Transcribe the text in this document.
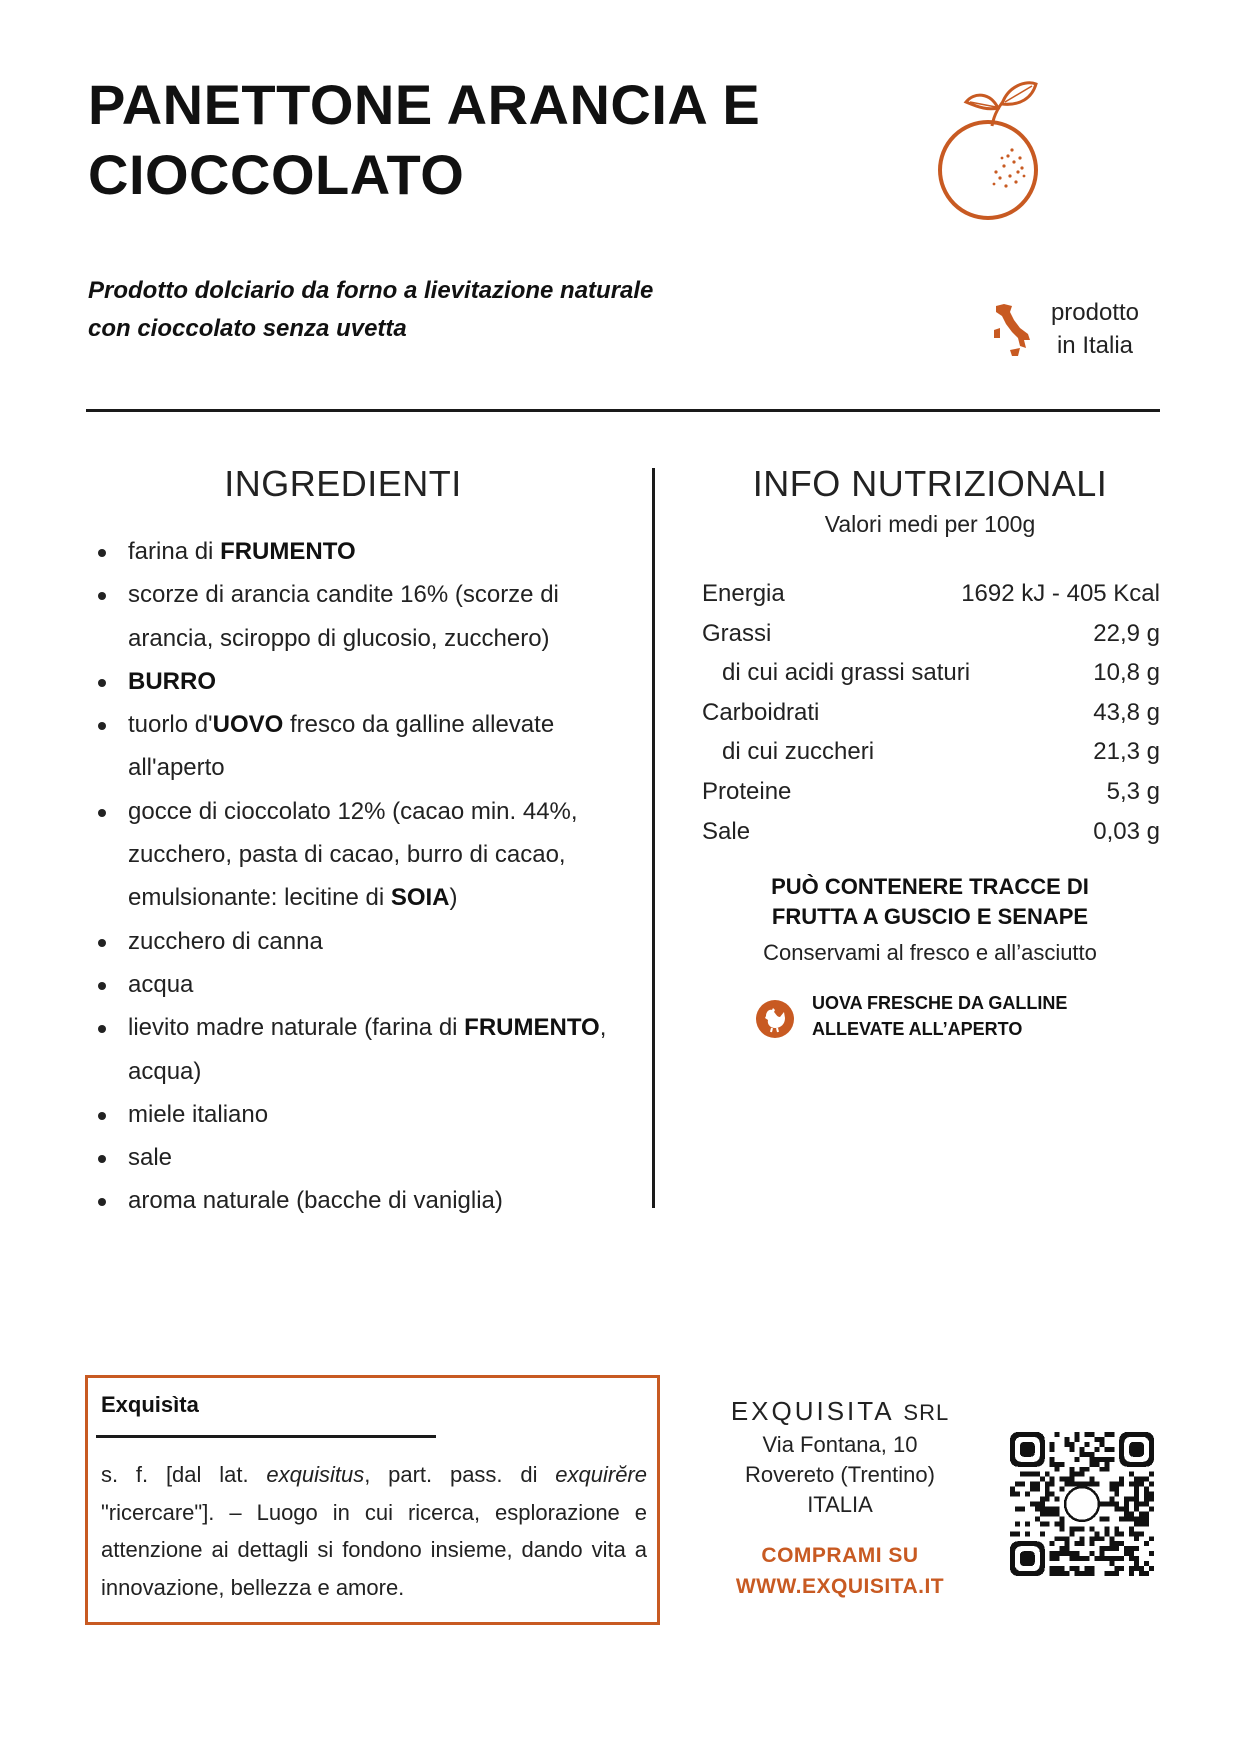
PANETTONE ARANCIA E CIOCCOLATO
Prodotto dolciario da forno a lievitazione naturale
con cioccolato senza uvetta
prodotto
in Italia
INGREDIENTI
farina di FRUMENTO
scorze di arancia candite 16% (scorze di arancia, sciroppo di glucosio, zucchero)
BURRO
tuorlo d'UOVO fresco da galline allevate all'aperto
gocce di cioccolato 12% (cacao min. 44%, zucchero, pasta di cacao, burro di cacao, emulsionante: lecitine di SOIA)
zucchero di canna
acqua
lievito madre naturale (farina di FRUMENTO, acqua)
miele italiano
sale
aroma naturale (bacche di vaniglia)
INFO NUTRIZIONALI
Valori medi per 100g
Energia	1692 kJ - 405 Kcal
Grassi	22,9 g
di cui acidi grassi saturi	10,8 g
Carboidrati	43,8 g
di cui zuccheri	21,3 g
Proteine	5,3 g
Sale	0,03 g
PUÒ CONTENERE TRACCE DI
FRUTTA A GUSCIO E SENAPE
Conservami al fresco e all’asciutto
UOVA FRESCHE DA GALLINE
ALLEVATE ALL’APERTO
Exquisìta
s. f. [dal lat. exquisitus, part. pass. di exquirĕre "ricercare"]. – Luogo in cui ricerca, esplorazione e attenzione ai dettagli si fondono insieme, dando vita a innovazione, bellezza e amore.
EXQUISITA SRL
Via Fontana, 10
Rovereto (Trentino)
ITALIA
COMPRAMI SU
WWW.EXQUISITA.IT
